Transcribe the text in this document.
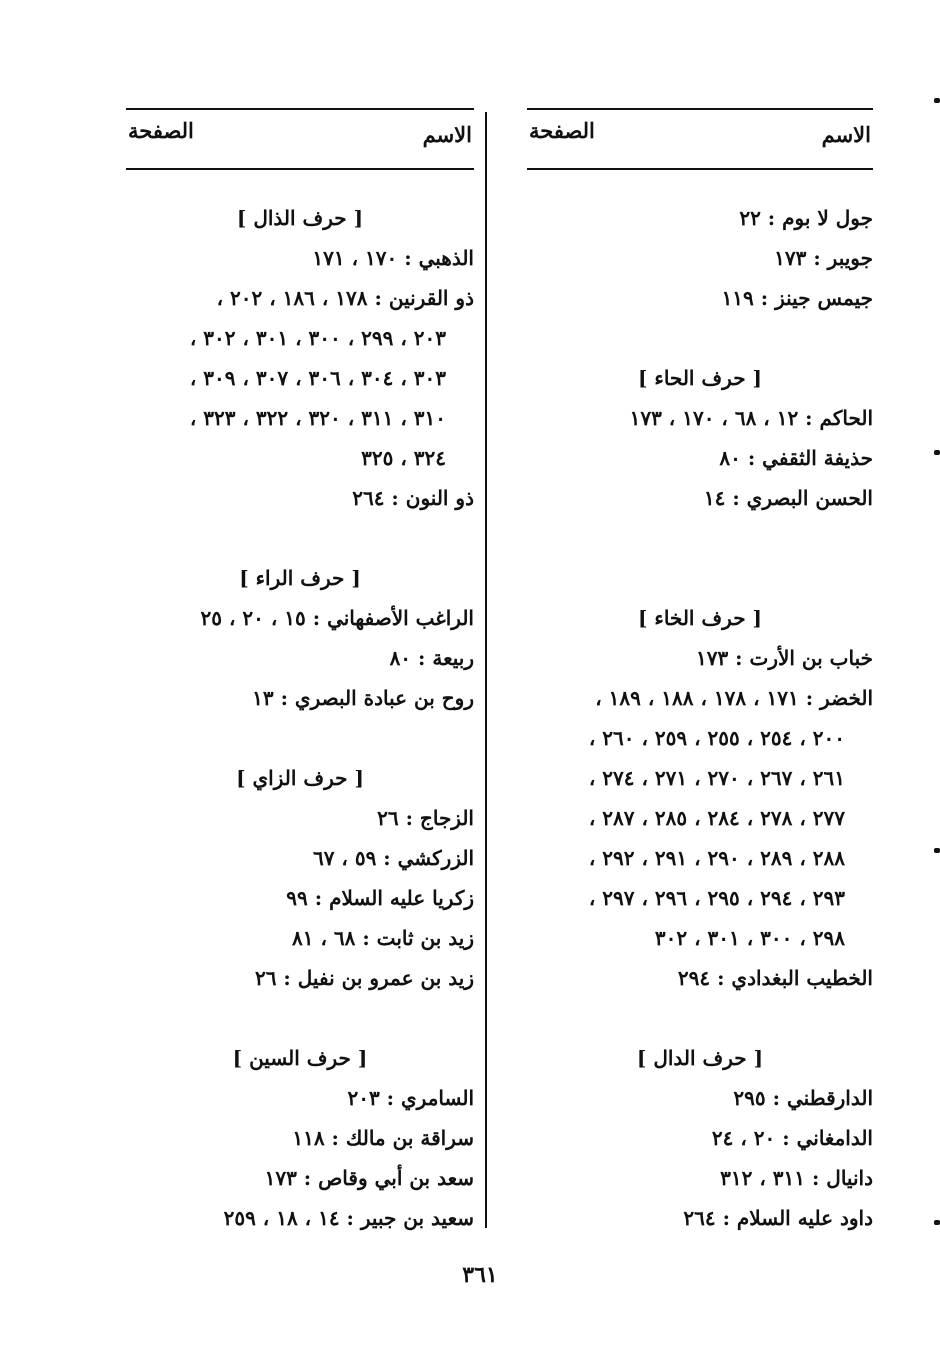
الاسم
الصفحة
جول لا بوم : ٢٢
جويبر : ١٧٣
جيمس جينز : ١١٩
[ حرف الحاء ]
الحاكم : ١٢ ، ٦٨ ، ١٧٠ ، ١٧٣
حذيفة الثقفي : ٨٠
الحسن البصري : ١٤
[ حرف الخاء ]
خباب بن الأرت : ١٧٣
الخضر : ١٧١ ، ١٧٨ ، ١٨٨ ، ١٨٩ ،
٢٠٠ ، ٢٥٤ ، ٢٥٥ ، ٢٥٩ ، ٢٦٠ ،
٢٦١ ، ٢٦٧ ، ٢٧٠ ، ٢٧١ ، ٢٧٤ ،
٢٧٧ ، ٢٧٨ ، ٢٨٤ ، ٢٨٥ ، ٢٨٧ ،
٢٨٨ ، ٢٨٩ ، ٢٩٠ ، ٢٩١ ، ٢٩٢ ،
٢٩٣ ، ٢٩٤ ، ٢٩٥ ، ٢٩٦ ، ٢٩٧ ،
٢٩٨ ، ٣٠٠ ، ٣٠١ ، ٣٠٢
الخطيب البغدادي : ٢٩٤
[ حرف الدال ]
الدارقطني : ٢٩٥
الدامغاني : ٢٠ ، ٢٤
دانيال : ٣١١ ، ٣١٢
داود عليه السلام : ٢٦٤
الاسم
الصفحة
[ حرف الذال ]
الذهبي : ١٧٠ ، ١٧١
ذو القرنين : ١٧٨ ، ١٨٦ ، ٢٠٢ ،
٢٠٣ ، ٢٩٩ ، ٣٠٠ ، ٣٠١ ، ٣٠٢ ،
٣٠٣ ، ٣٠٤ ، ٣٠٦ ، ٣٠٧ ، ٣٠٩ ،
٣١٠ ، ٣١١ ، ٣٢٠ ، ٣٢٢ ، ٣٢٣ ،
٣٢٤ ، ٣٢٥
ذو النون : ٢٦٤
[ حرف الراء ]
الراغب الأصفهاني : ١٥ ، ٢٠ ، ٢٥
ربيعة : ٨٠
روح بن عبادة البصري : ١٣
[ حرف الزاي ]
الزجاج : ٢٦
الزركشي : ٥٩ ، ٦٧
زكريا عليه السلام : ٩٩
زيد بن ثابت : ٦٨ ، ٨١
زيد بن عمرو بن نفيل : ٢٦
[ حرف السين ]
السامري : ٢٠٣
سراقة بن مالك : ١١٨
سعد بن أبي وقاص : ١٧٣
سعيد بن جبير : ١٤ ، ١٨ ، ٢٥٩
٣٦١
